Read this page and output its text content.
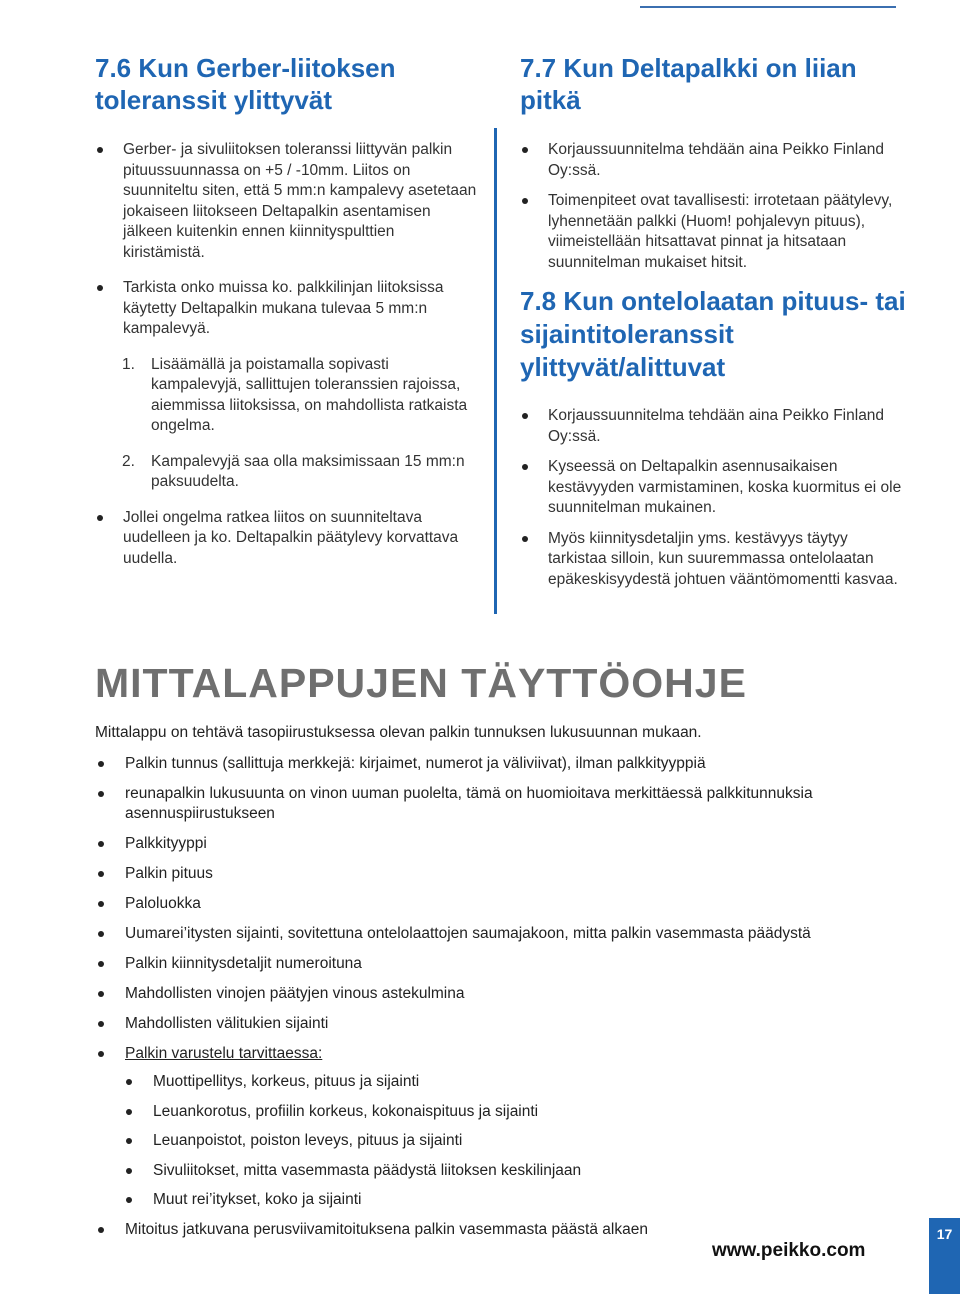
7.6 Kun Gerber-liitoksen toleranssit ylittyvät
Gerber- ja sivuliitoksen toleranssi liittyvän palkin pituussuunnassa on +5 / -10mm. Liitos on suunniteltu siten, että 5 mm:n kampalevy asetetaan jokaiseen liitokseen Deltapalkin asentamisen jälkeen kuitenkin ennen kiinnityspulttien kiristämistä.
Tarkista onko muissa ko. palkkilinjan liitoksissa käytetty Deltapalkin mukana tulevaa 5 mm:n kampalevyä.
1. Lisäämällä ja poistamalla sopivasti kampalevyjä, sallittujen toleranssien rajoissa, aiemmissa liitoksissa, on mahdollista ratkaista ongelma.
2. Kampalevyjä saa olla maksimissaan 15 mm:n paksuudelta.
Jollei ongelma ratkea liitos on suunniteltava uudelleen ja ko. Deltapalkin päätylevy korvattava uudella.
7.7 Kun Deltapalkki on liian pitkä
Korjaussuunnitelma tehdään aina Peikko Finland Oy:ssä.
Toimenpiteet ovat tavallisesti: irrotetaan päätylevy, lyhennetään palkki (Huom! pohjalevyn pituus), viimeistellään hitsattavat pinnat ja hitsataan suunnitelman mukaiset hitsit.
7.8 Kun ontelolaatan pituus- tai sijaintitoleranssit ylittyvät/alittuvat
Korjaussuunnitelma tehdään aina Peikko Finland Oy:ssä.
Kyseessä on Deltapalkin asennusaikaisen kestävyyden varmistaminen, koska kuormitus ei ole suunnitelman mukainen.
Myös kiinnitysdetaljin yms. kestävyys täytyy tarkistaa silloin, kun suuremmassa ontelolaatan epäkeskisyydestä johtuen vääntömomentti kasvaa.
MITTALAPPUJEN TÄYTTÖOHJE

Mittalappu on tehtävä tasopiirustuksessa olevan palkin tunnuksen lukusuunnan mukaan.

Palkin tunnus (sallittuja merkkejä: kirjaimet, numerot ja väliviivat), ilman palkkityyppiä
reunapalkin lukusuunta on vinon uuman puolelta, tämä on huomioitava merkittäessä palkkitunnuksia asennuspiirustukseen
Palkkityyppi
Palkin pituus
Paloluokka
Uumarei’itysten sijainti, sovitettuna ontelolaattojen saumajakoon, mitta palkin vasemmasta päädystä
Palkin kiinnitysdetaljit numeroituna
Mahdollisten vinojen päätyjen vinous astekulmina
Mahdollisten välitukien sijainti
Palkin varustelu tarvittaessa:
Muottipellitys, korkeus, pituus ja sijainti
Leuankorotus, profiilin korkeus, kokonaispituus ja sijainti
Leuanpoistot, poiston leveys, pituus ja sijainti
Sivuliitokset, mitta vasemmasta päädystä liitoksen keskilinjaan
Muut rei’itykset, koko ja sijainti
Mitoitus jatkuvana perusviivamitoituksena palkin vasemmasta päästä alkaen
www.peikko.com
17
